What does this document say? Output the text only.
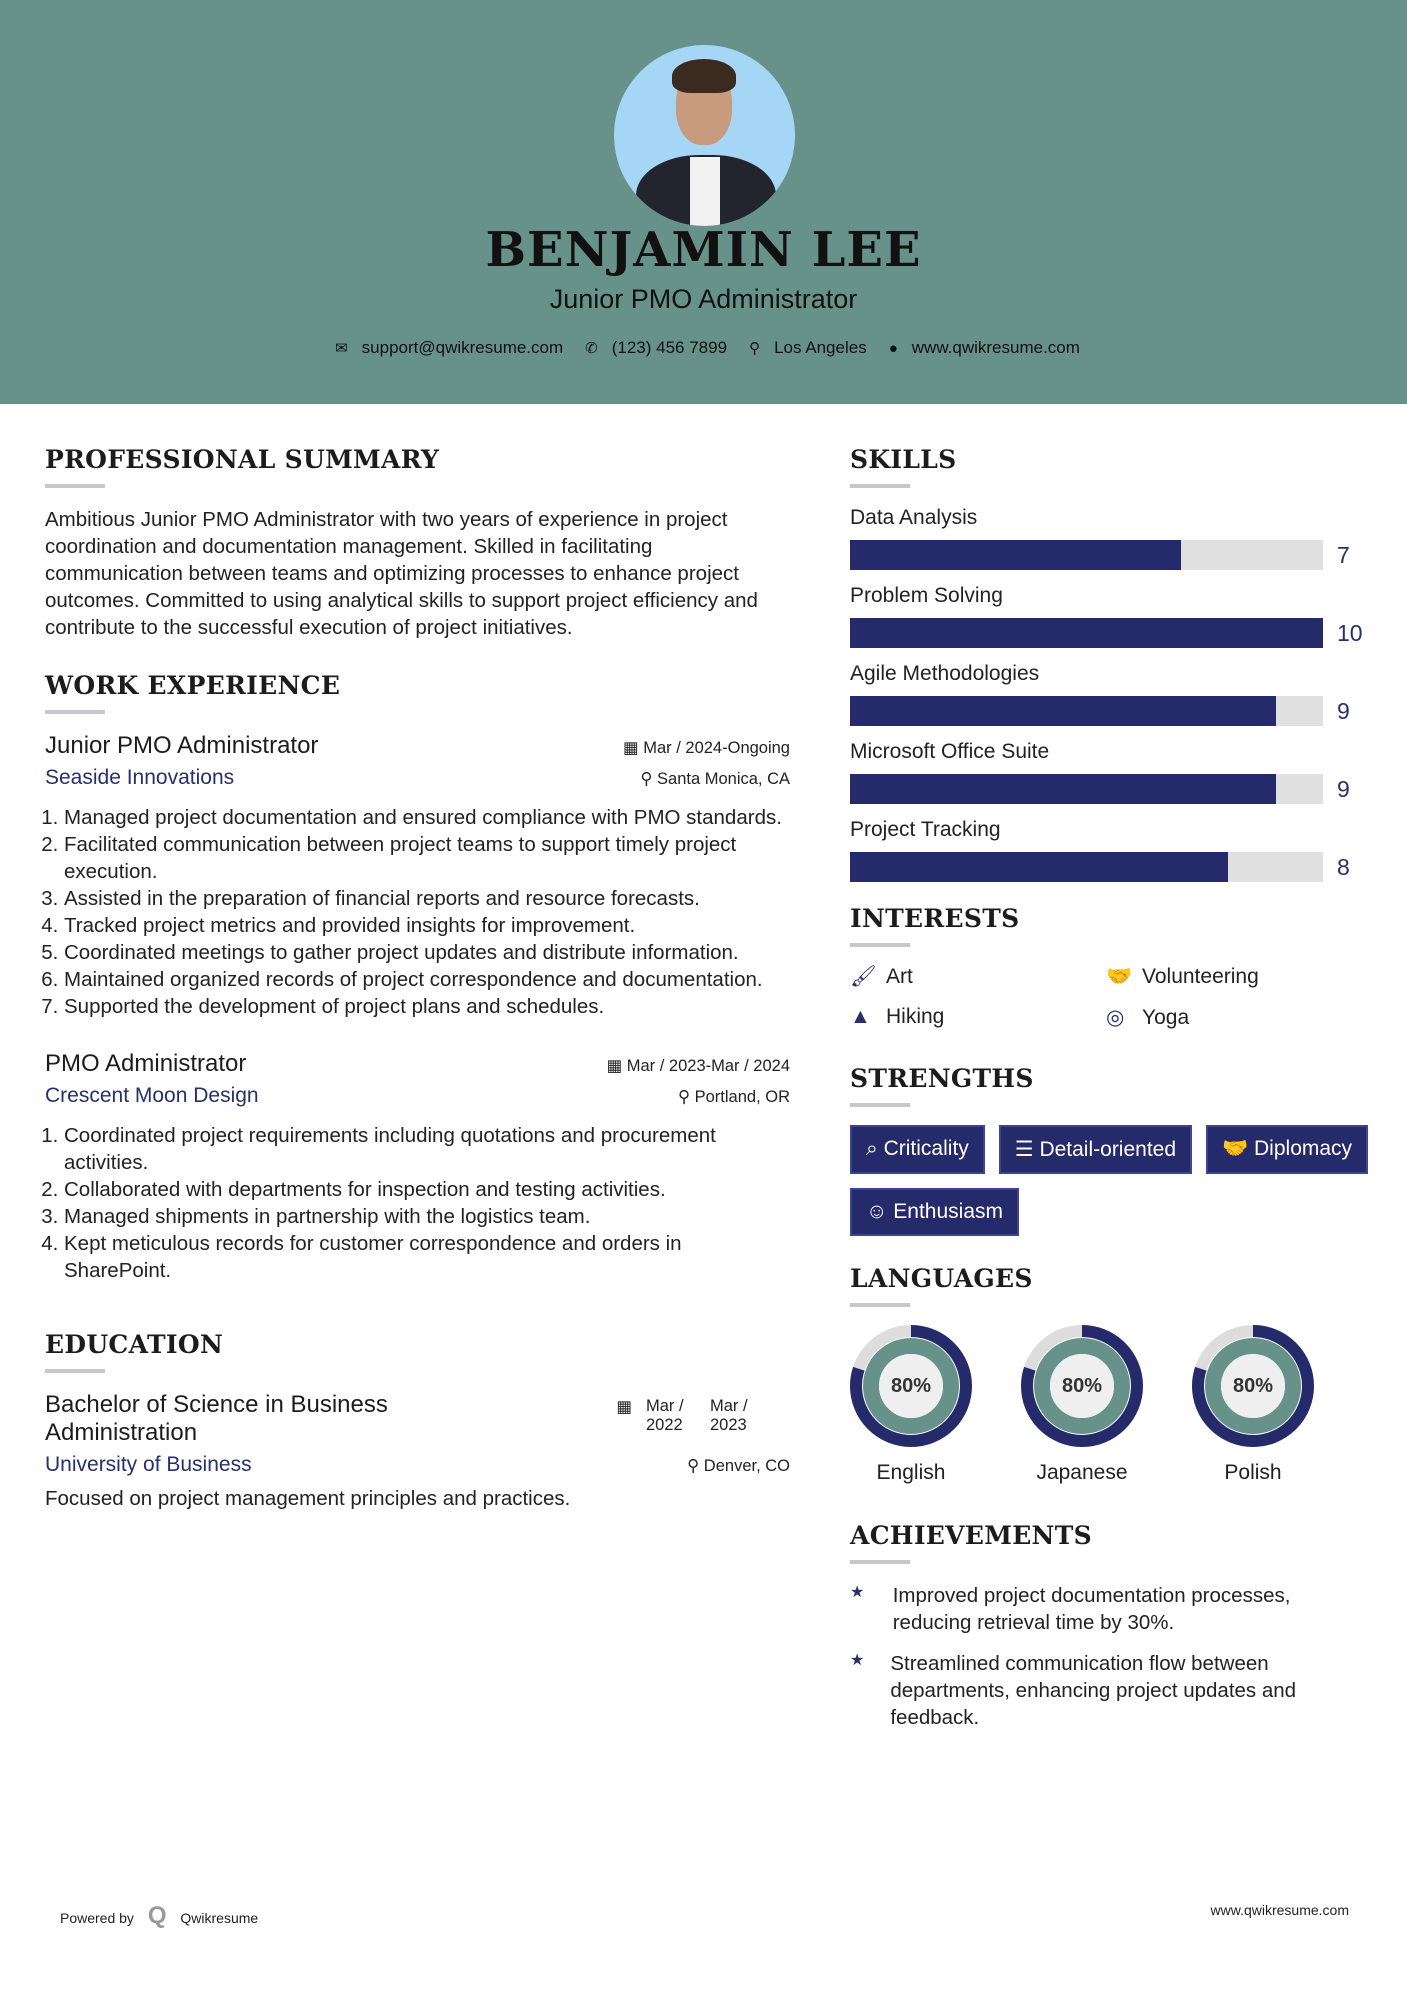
BENJAMIN LEE
Junior PMO Administrator
✉ support@qwikresume.com ✆ (123) 456 7899 ⚲ Los Angeles ● www.qwikresume.com
PROFESSIONAL SUMMARY

Ambitious Junior PMO Administrator with two years of experience in project coordination and documentation management. Skilled in facilitating communication between teams and optimizing processes to enhance project outcomes. Committed to using analytical skills to support project efficiency and contribute to the successful execution of project initiatives.

WORK EXPERIENCE
Junior PMO Administrator	▦ Mar / 2024-Ongoing
Seaside Innovations	⚲ Santa Monica, CA
1. Managed project documentation and ensured compliance with PMO standards.
2. Facilitated communication between project teams to support timely project execution.
3. Assisted in the preparation of financial reports and resource forecasts.
4. Tracked project metrics and provided insights for improvement.
5. Coordinated meetings to gather project updates and distribute information.
6. Maintained organized records of project correspondence and documentation.
7. Supported the development of project plans and schedules.
PMO Administrator	▦ Mar / 2023-Mar / 2024
Crescent Moon Design	⚲ Portland, OR
1. Coordinated project requirements including quotations and procurement activities.
2. Collaborated with departments for inspection and testing activities.
3. Managed shipments in partnership with the logistics team.
4. Kept meticulous records for customer correspondence and orders in SharePoint.
EDUCATION
Bachelor of Science in Business Administration
▦ Mar / 2022
Mar / 2023
University of Business	⚲ Denver, CO

Focused on project management principles and practices.

SKILLS
Data Analysis
7
Problem Solving
10
Agile Methodologies
9
Microsoft Office Suite
9
Project Tracking
8
INTERESTS
🖌 Art	🤝 Volunteering
▲ Hiking	◎ Yoga
STRENGTHS
⌕ Criticality	☰ Detail-oriented	🤝 Diplomacy
☺ Enthusiasm
LANGUAGES
80%
English
80%
Japanese
80%
Polish
ACHIEVEMENTS
★ Improved project documentation processes, reducing retrieval time by 30%.

★ Streamlined communication flow between departments, enhancing project updates and feedback.

Powered by Q Qwikresume	www.qwikresume.com
